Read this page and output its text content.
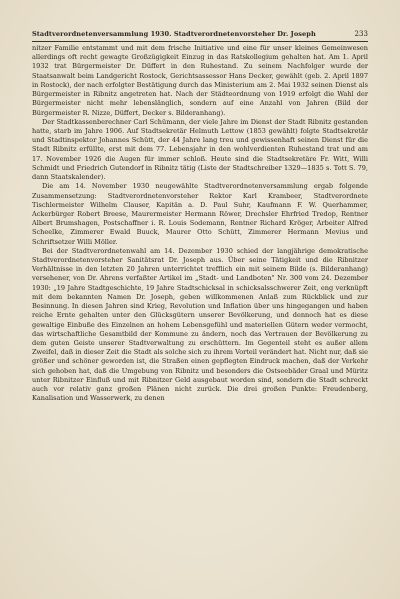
Stadtverordnetenversammlung 1930. Stadtverordnetenvorsteher Dr. Joseph	233

nitzer Familie entstammt und mit dem frische Initiative und eine für unser kleines Gemeinwesen allerdings oft recht gewagte Großzügigkeit Einzug in das Ratskollegium gehalten hat. Am 1. April 1932 trat Bürgermeister Dr. Düffert in den Ruhestand. Zu seinem Nachfolger wurde der Staatsanwalt beim Landgericht Rostock, Gerichtsassessor Hans Decker, gewählt (geb. 2. April 1897 in Rostock), der nach erfolgter Bestätigung durch das Ministerium am 2. Mai 1932 seinen Dienst als Bürgermeister in Ribnitz angetreten hat. Nach der Städteordnung von 1919 erfolgt die Wahl der Bürgermeister nicht mehr lebenslänglich, sondern auf eine Anzahl von Jahren (Bild der Bürgermeister R. Nizze, Düffert, Decker s. Bilderanhang).

Der Stadtkassenberechner Carl Schümann, der viele Jahre im Dienst der Stadt Ribnitz gestanden hatte, starb im Jahre 1906. Auf Stadtsekretär Helmuth Lettow (1853 gewählt) folgte Stadtsekretär und Stadtinspektor Johannes Schütt, der 44 Jahre lang treu und gewissenhaft seinen Dienst für die Stadt Ribnitz erfüllte, erst mit dem 77. Lebensjahr in den wohlverdienten Ruhestand trat und am 17. November 1926 die Augen für immer schloß. Heute sind die Stadtsekretäre Fr. Witt, Willi Schmidt und Friedrich Gutendorf in Ribnitz tätig (Liste der Stadtschreiber 1329—1835 s. Tott S. 79, dann Staatskalender).

Die am 14. November 1930 neugewählte Stadtverordnetenversammlung ergab folgende Zusammensetzung: Stadtverordnetenvorsteher Rektor Karl Krambeer, Stadtverordnete Tischlermeister Wilhelm Clauser, Kapitän a. D. Paul Suhr, Kaufmann F. W. Querhammer, Ackerbürger Robert Breese, Maurermeister Hermann Röwer, Drechsler Ehrfried Tredop, Rentner Albert Brumshagen, Postschaffner i. R. Louis Sodemann, Rentner Richard Kröger, Arbeiter Alfred Scheelke, Zimmerer Ewald Buuck, Maurer Otto Schütt, Zimmerer Hermann Mevius und Schriftsetzer Willi Möller.

Bei der Stadtverordnetenwahl am 14. Dezember 1930 schied der langjährige demokratische Stadtverordnetenvorsteher Sanitätsrat Dr. Joseph aus. Über seine Tätigkeit und die Ribnitzer Verhältnisse in den letzten 20 Jahren unterrichtet trefflich ein mit seinem Bilde (s. Bilderanhang) versehener, von Dr. Ahrens verfaßter Artikel im „Stadt- und Landboten" Nr. 300 vom 24. Dezember 1930: „19 Jahre Stadtgeschichte, 19 Jahre Stadtschicksal in schicksalsschwerer Zeit, eng verknüpft mit dem bekannten Namen Dr. Joseph, geben willkommenen Anlaß zum Rückblick und zur Besinnung. In diesen Jahren sind Krieg, Revolution und Inflation über uns hingegangen und haben reiche Ernte gehalten unter den Glücksgütern unserer Bevölkerung, und dennoch hat es diese gewaltige Einbuße des Einzelnen an hohem Lebensgefühl und materiellen Gütern weder vermocht, das wirtschaftliche Gesamtbild der Kommune zu ändern, noch das Vertrauen der Bevölkerung zu dem guten Geiste unserer Stadtverwaltung zu erschüttern. Im Gegenteil steht es außer allem Zweifel, daß in dieser Zeit die Stadt als solche sich zu ihrem Vorteil verändert hat. Nicht nur, daß sie größer und schöner geworden ist, die Straßen einen gepflegten Eindruck machen, daß der Verkehr sich gehoben hat, daß die Umgebung von Ribnitz und besonders die Ostseebäder Graal und Müritz unter Ribnitzer Einfluß und mit Ribnitzer Geld ausgebaut worden sind, sondern die Stadt schreckt auch vor relativ ganz großen Plänen nicht zurück. Die drei großen Punkte: Freudenberg, Kanalisation und Wasserwerk, zu denen
